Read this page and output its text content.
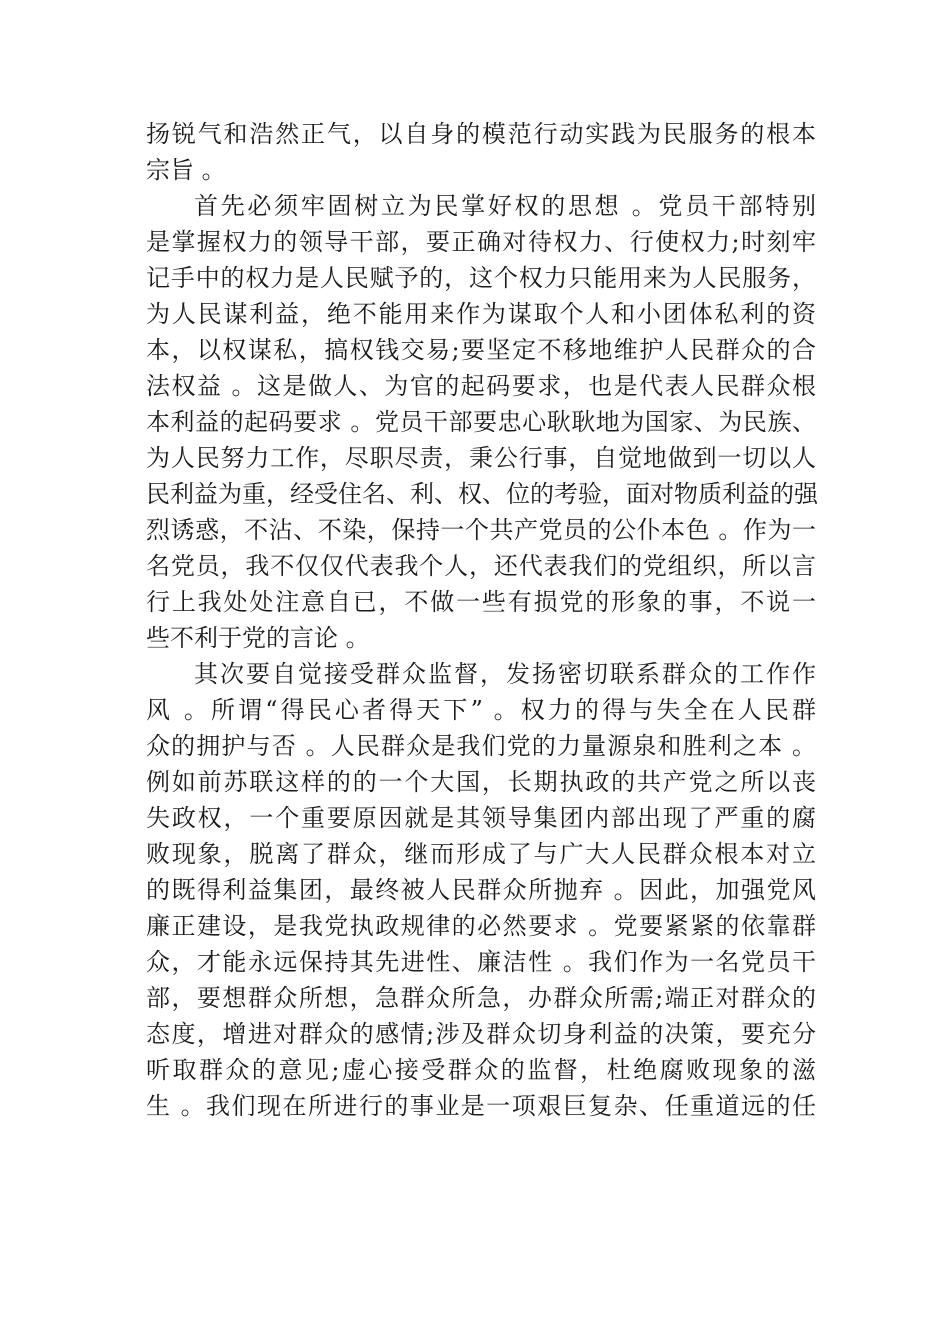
扬锐气和浩然正气，以自身的模范行动实践为民服务的根本
宗旨 。
首先必须牢固树立为民掌好权的思想 。党员干部特别
是掌握权力的领导干部，要正确对待权力、行使权力;时刻牢
记手中的权力是人民赋予的，这个权力只能用来为人民服务，
为人民谋利益，绝不能用来作为谋取个人和小团体私利的资
本，以权谋私，搞权钱交易;要坚定不移地维护人民群众的合
法权益 。这是做人、为官的起码要求，也是代表人民群众根
本利益的起码要求 。党员干部要忠心耿耿地为国家、为民族、
为人民努力工作，尽职尽责，秉公行事，自觉地做到一切以人
民利益为重，经受住名、利、权、位的考验，面对物质利益的强
烈诱惑，不沾、不染，保持一个共产党员的公仆本色 。作为一
名党员，我不仅仅代表我个人，还代表我们的党组织，所以言
行上我处处注意自已，不做一些有损党的形象的事，不说一
些不利于党的言论 。
其次要自觉接受群众监督，发扬密切联系群众的工作作
风 。所谓“得民心者得天下” 。权力的得与失全在人民群
众的拥护与否 。人民群众是我们党的力量源泉和胜利之本 。
例如前苏联这样的的一个大国，长期执政的共产党之所以丧
失政权，一个重要原因就是其领导集团内部出现了严重的腐
败现象，脱离了群众，继而形成了与广大人民群众根本对立
的既得利益集团，最终被人民群众所抛弃 。因此，加强党风
廉正建设，是我党执政规律的必然要求 。党要紧紧的依靠群
众，才能永远保持其先进性、廉洁性 。我们作为一名党员干
部，要想群众所想，急群众所急，办群众所需;端正对群众的
态度，增进对群众的感情;涉及群众切身利益的决策，要充分
听取群众的意见;虚心接受群众的监督，杜绝腐败现象的滋
生 。我们现在所进行的事业是一项艰巨复杂、任重道远的任
